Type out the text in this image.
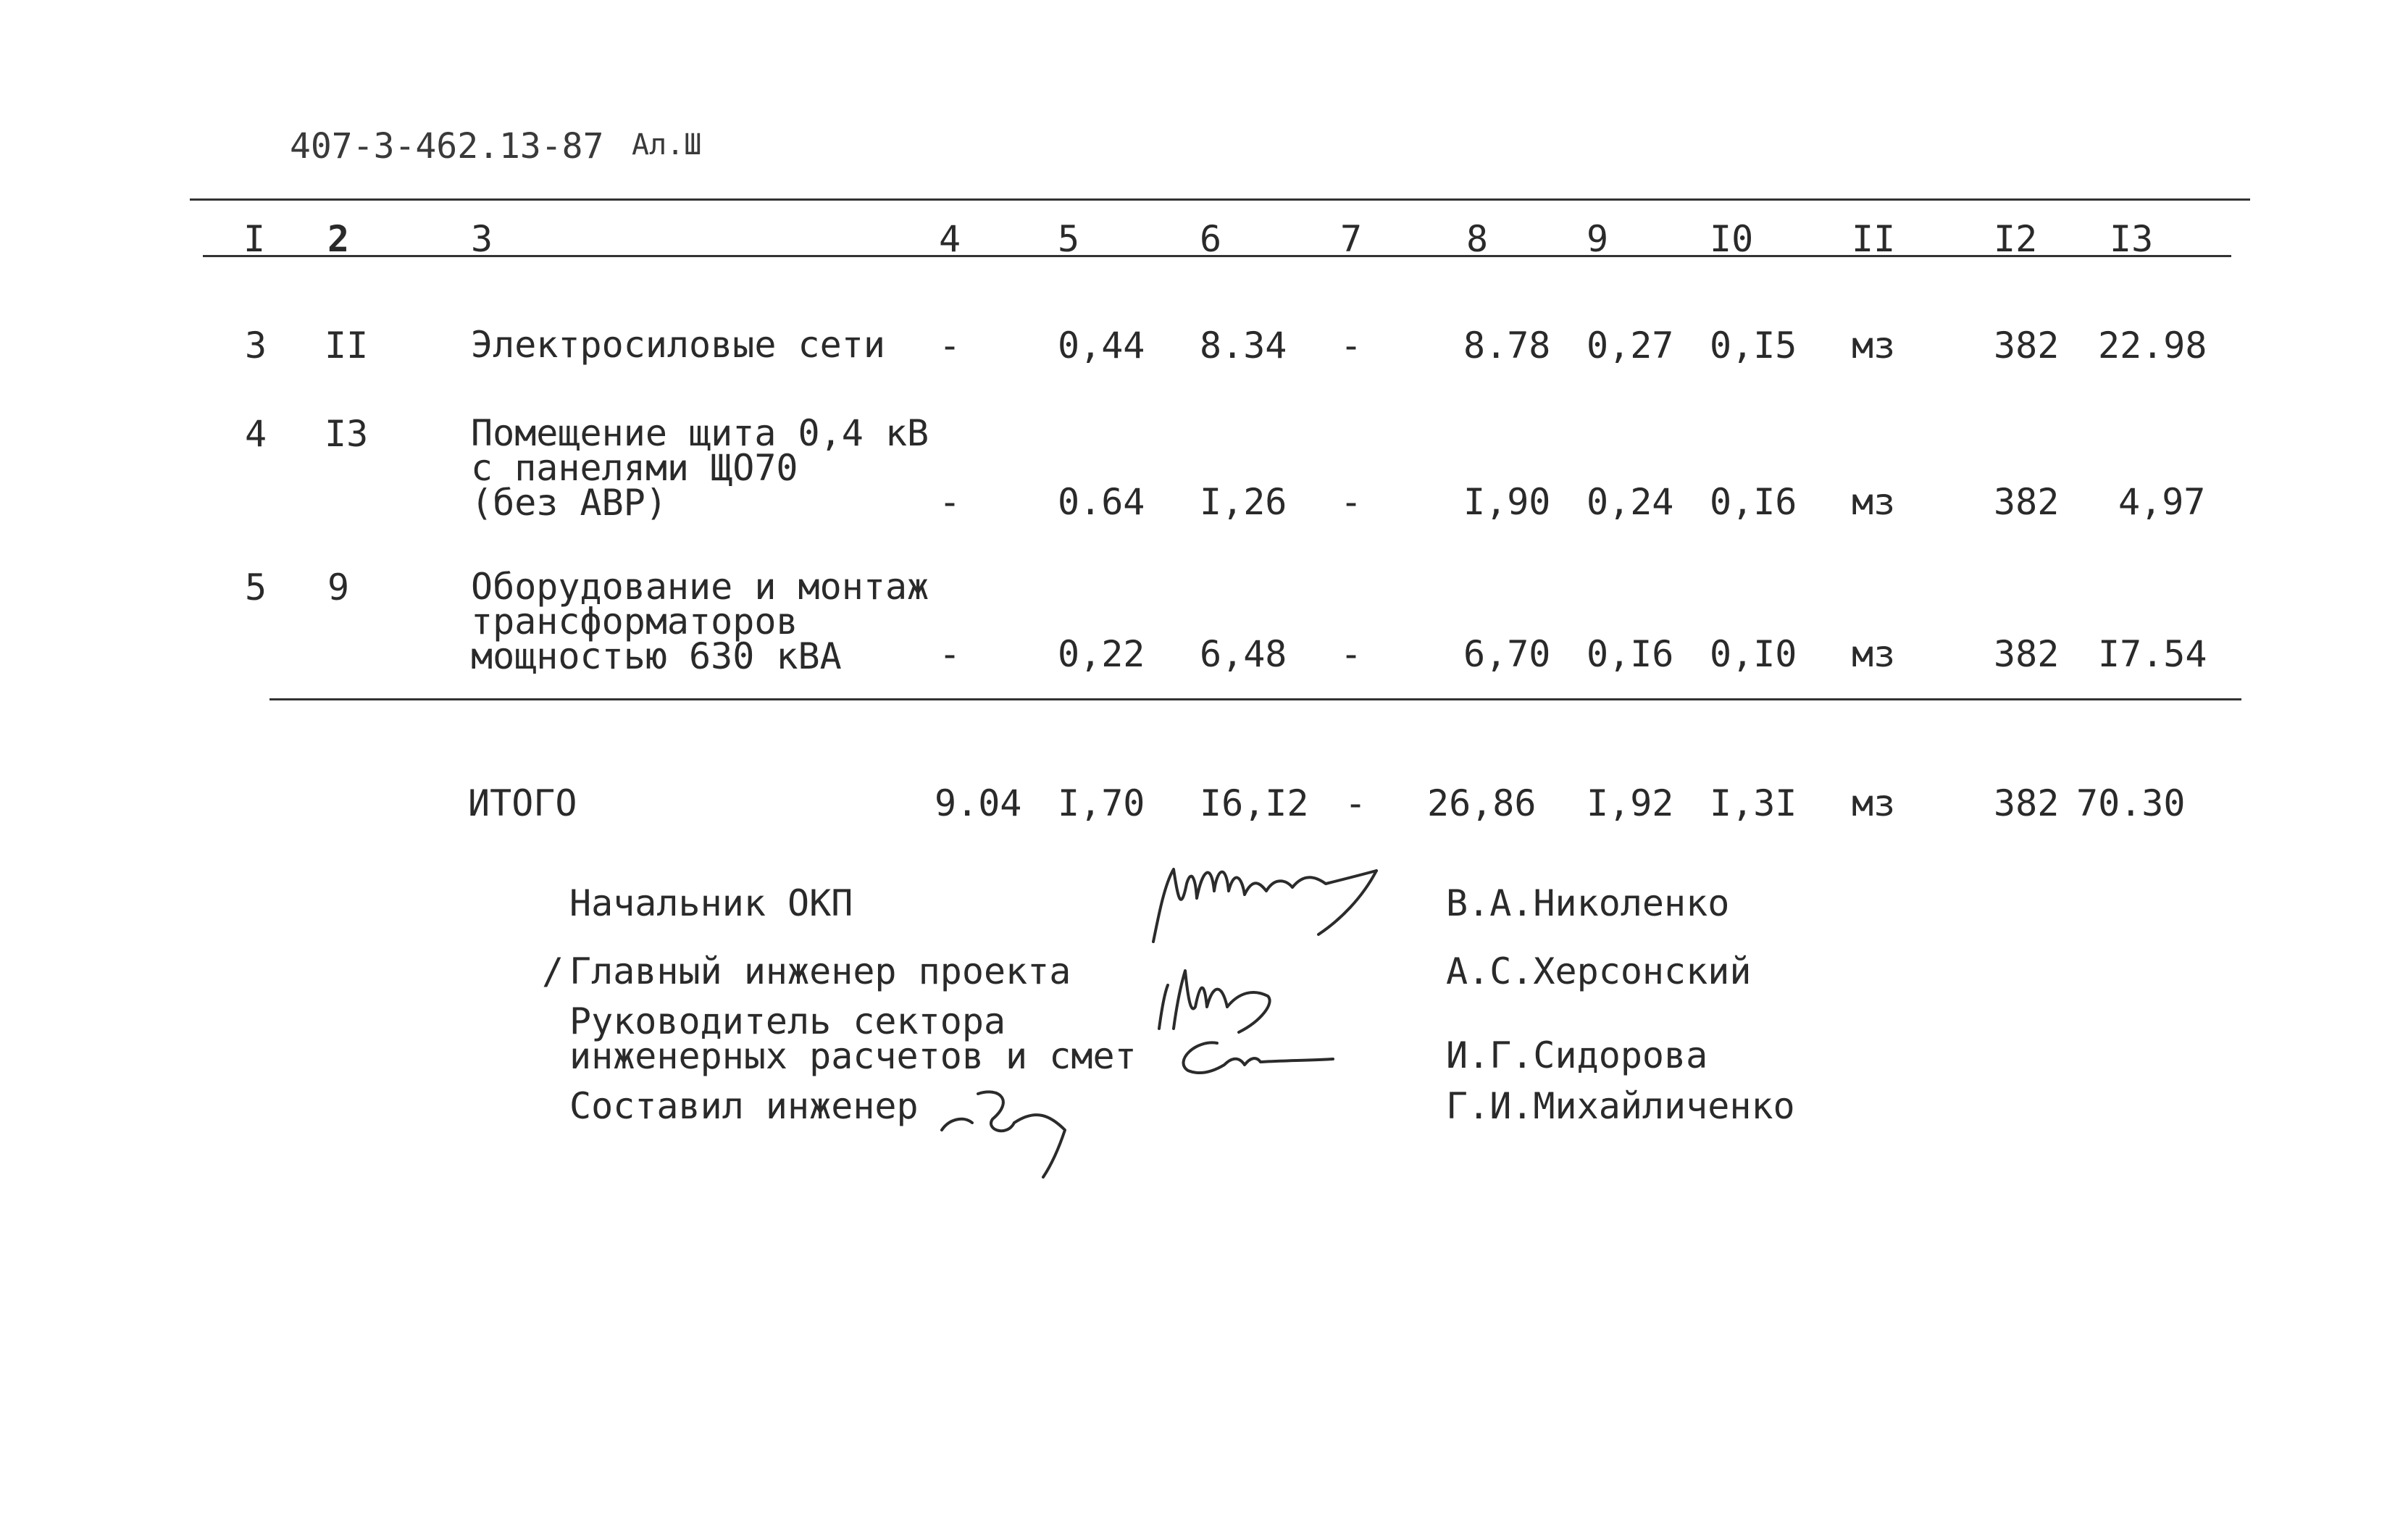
407-3-462.13-87 Ал.Ш
I 2	3	4	5	6	7	8	9	I0	II	I2 I3
3 II	Электросиловые сети -	0,44 8.34 -	8.78 0,27 0,I5 мз	382 22.98
4 I3	Помещение щита 0,4 кВ
с панелями ЩО70
(без АВР)	-	0.64 I,26 -	I,90 0,24 0,I6 мз	382 4,97
5 9	Оборудование и монтаж
трансформаторов
мощностью 630 кВА	-	0,22 6,48 -	6,70 0,I6 0,I0 мз	382 I7.54
ИТОГО	9.04 I,70 I6,I2 - 26,86 I,92 I,3I мз	382 70.30
Начальник ОКП	В.А.Николенко
/ Главный инженер проекта	А.С.Херсонский
Руководитель сектора
инженерных расчетов и смет	И.Г.Сидорова
Составил инженер	Г.И.Михайличенко
